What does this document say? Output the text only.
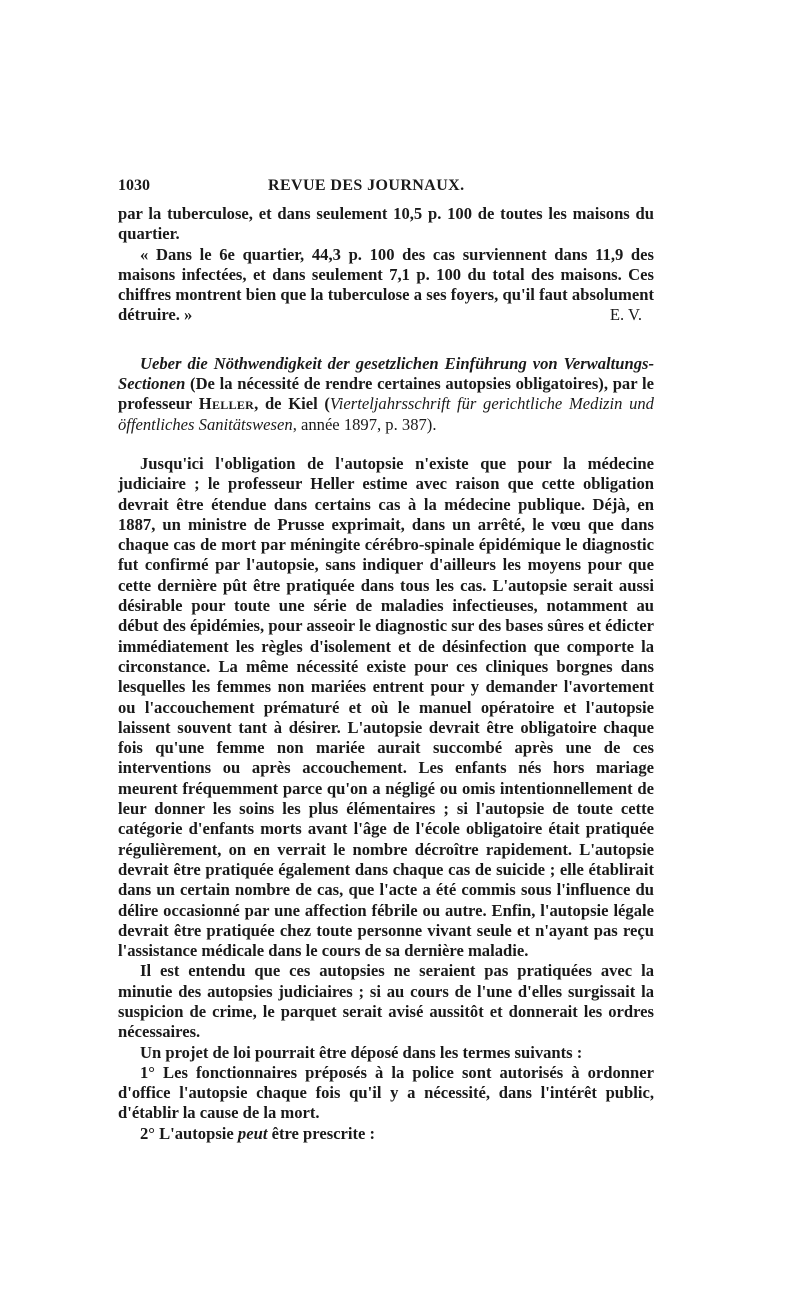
1030	REVUE DES JOURNAUX.

par la tuberculose, et dans seulement 10,5 p. 100 de toutes les maisons du quartier.

« Dans le 6e quartier, 44,3 p. 100 des cas surviennent dans 11,9 des maisons infectées, et dans seulement 7,1 p. 100 du total des maisons. Ces chiffres montrent bien que la tuberculose a ses foyers, qu'il faut absolument détruire. »	E. V.

Ueber die Nöthwendigkeit der gesetzlichen Einführung von Verwaltungs-Sectionen (De la nécessité de rendre certaines autopsies obligatoires), par le professeur Heller, de Kiel (Vierteljahrsschrift für gerichtliche Medizin und öffentliches Sanitätswesen, année 1897, p. 387).

Jusqu'ici l'obligation de l'autopsie n'existe que pour la médecine judiciaire ; le professeur Heller estime avec raison que cette obligation devrait être étendue dans certains cas à la médecine publique. Déjà, en 1887, un ministre de Prusse exprimait, dans un arrêté, le vœu que dans chaque cas de mort par méningite cérébro-spinale épidémique le diagnostic fut confirmé par l'autopsie, sans indiquer d'ailleurs les moyens pour que cette dernière pût être pratiquée dans tous les cas. L'autopsie serait aussi désirable pour toute une série de maladies infectieuses, notamment au début des épidémies, pour asseoir le diagnostic sur des bases sûres et édicter immédiatement les règles d'isolement et de désinfection que comporte la circonstance. La même nécessité existe pour ces cliniques borgnes dans lesquelles les femmes non mariées entrent pour y demander l'avortement ou l'accouchement prématuré et où le manuel opératoire et l'autopsie laissent souvent tant à désirer. L'autopsie devrait être obligatoire chaque fois qu'une femme non mariée aurait succombé après une de ces interventions ou après accouchement. Les enfants nés hors mariage meurent fréquemment parce qu'on a négligé ou omis intentionnellement de leur donner les soins les plus élémentaires ; si l'autopsie de toute cette catégorie d'enfants morts avant l'âge de l'école obligatoire était pratiquée régulièrement, on en verrait le nombre décroître rapidement. L'autopsie devrait être pratiquée également dans chaque cas de suicide ; elle établirait dans un certain nombre de cas, que l'acte a été commis sous l'influence du délire occasionné par une affection fébrile ou autre. Enfin, l'autopsie légale devrait être pratiquée chez toute personne vivant seule et n'ayant pas reçu l'assistance médicale dans le cours de sa dernière maladie.

Il est entendu que ces autopsies ne seraient pas pratiquées avec la minutie des autopsies judiciaires ; si au cours de l'une d'elles surgissait la suspicion de crime, le parquet serait avisé aussitôt et donnerait les ordres nécessaires.

Un projet de loi pourrait être déposé dans les termes suivants :

1° Les fonctionnaires préposés à la police sont autorisés à ordonner d'office l'autopsie chaque fois qu'il y a nécessité, dans l'intérêt public, d'établir la cause de la mort.

2° L'autopsie peut être prescrite :
